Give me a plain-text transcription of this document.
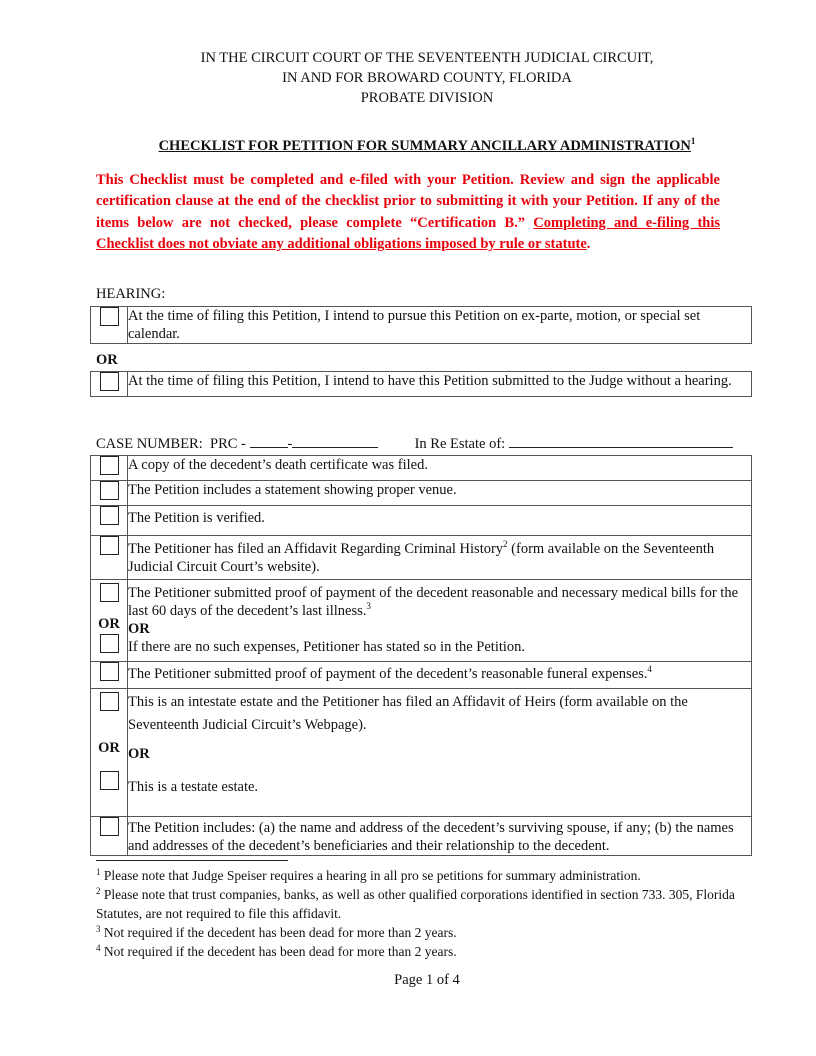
IN THE CIRCUIT COURT OF THE SEVENTEENTH JUDICIAL CIRCUIT,
IN AND FOR BROWARD COUNTY, FLORIDA
PROBATE DIVISION
CHECKLIST FOR PETITION FOR SUMMARY ANCILLARY ADMINISTRATION$^1$
This Checklist must be completed and e-filed with your Petition. Review and sign the applicable certification clause at the end of the checklist prior to submitting it with your Petition. If any of the items below are not checked, please complete “Certification B.” Completing and e-filing this Checklist does not obviate any additional obligations imposed by rule or statute.
HEARING:
	At the time of filing this Petition, I intend to pursue this Petition on ex-parte, motion, or special set calendar.
OR
	At the time of filing this Petition, I intend to have this Petition submitted to the Judge without a hearing.
CASE NUMBER:  PRC -	-	In Re Estate of:
	A copy of the decedent’s death certificate was filed.
	The Petition includes a statement showing proper venue.
	The Petition is verified.
	The Petitioner has filed an Affidavit Regarding Criminal History$^2$ (form available on the Seventeenth Judicial Circuit Court’s website).

OR	The Petitioner submitted proof of payment of the decedent reasonable and necessary medical bills for the last 60 days of the decedent’s last illness.$^3$
OR
If there are no such expenses, Petitioner has stated so in the Petition.

	The Petitioner submitted proof of payment of the decedent’s reasonable funeral expenses.$^4$

OR	This is an intestate estate and the Petitioner has filed an Affidavit of Heirs (form available on the Seventeenth Judicial Circuit’s Webpage).
OR
This is a testate estate.

	The Petition includes: (a) the name and address of the decedent’s surviving spouse, if any; (b) the names and addresses of the decedent’s beneficiaries and their relationship to the decedent.
$^1$ Please note that Judge Speiser requires a hearing in all pro se petitions for summary administration.
$^2$ Please note that trust companies, banks, as well as other qualified corporations identified in section 733. 305, Florida Statutes, are not required to file this affidavit.
$^3$ Not required if the decedent has been dead for more than 2 years.
$^4$ Not required if the decedent has been dead for more than 2 years.
Page 1 of 4
